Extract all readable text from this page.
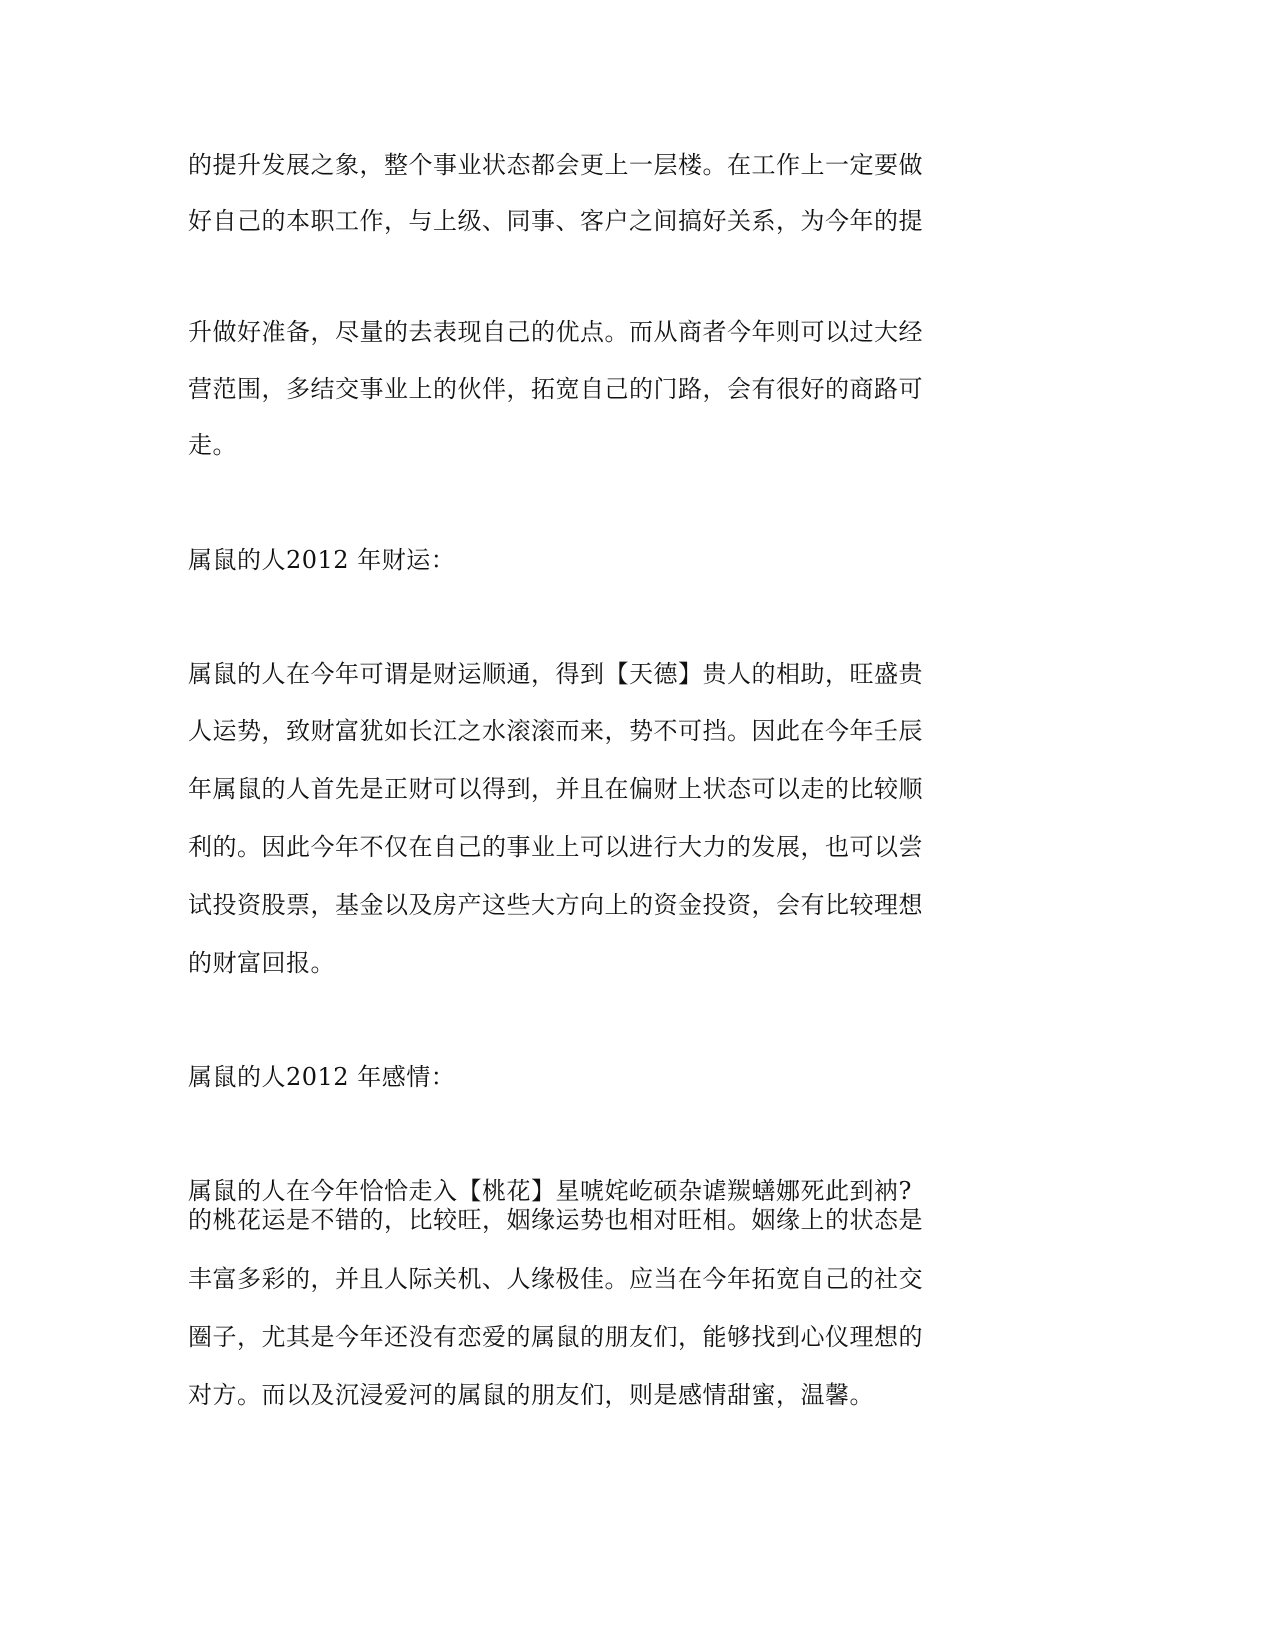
的提升发展之象，整个事业状态都会更上一层楼。在工作上一定要做
好自己的本职工作，与上级、同事、客户之间搞好关系，为今年的提
升做好准备，尽量的去表现自己的优点。而从商者今年则可以过大经
营范围，多结交事业上的伙伴，拓宽自己的门路，会有很好的商路可
走。
属鼠的人2012 年财运：
属鼠的人在今年可谓是财运顺通，得到【天德】贵人的相助，旺盛贵
人运势，致财富犹如长江之水滚滚而来，势不可挡。因此在今年壬辰
年属鼠的人首先是正财可以得到，并且在偏财上状态可以走的比较顺
利的。因此今年不仅在自己的事业上可以进行大力的发展，也可以尝
试投资股票，基金以及房产这些大方向上的资金投资，会有比较理想
的财富回报。
属鼠的人2012 年感情：
属鼠的人在今年恰恰走入【桃花】星唬姹屹硕杂谑羰蟮娜死此到衲?
的桃花运是不错的，比较旺，姻缘运势也相对旺相。姻缘上的状态是
丰富多彩的，并且人际关机、人缘极佳。应当在今年拓宽自己的社交
圈子，尤其是今年还没有恋爱的属鼠的朋友们，能够找到心仪理想的
对方。而以及沉浸爱河的属鼠的朋友们，则是感情甜蜜，温馨。
